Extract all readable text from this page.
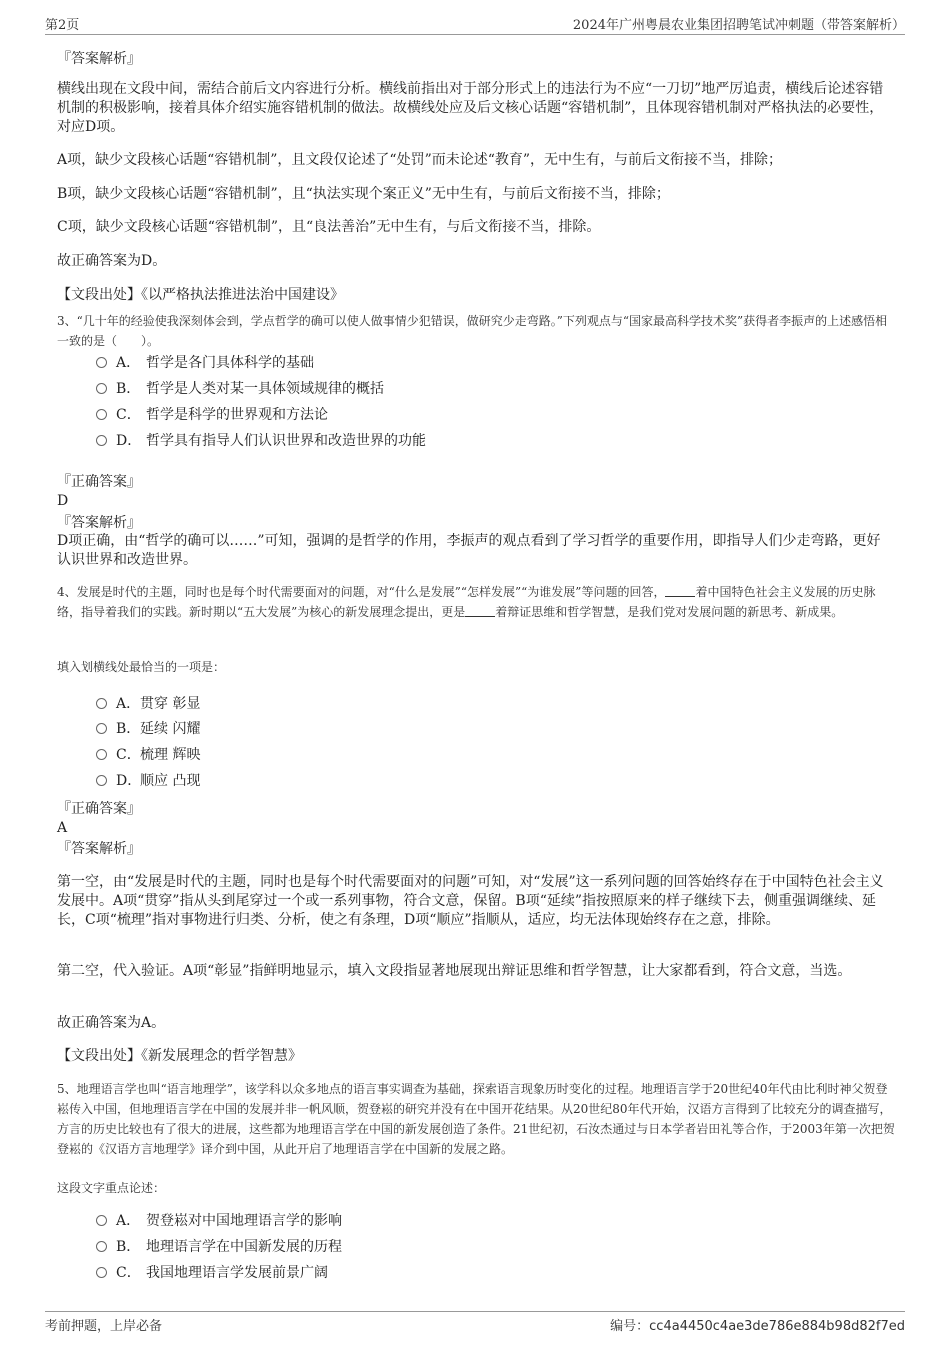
第2页	2024年广州粤晨农业集团招聘笔试冲刺题（带答案解析）
『答案解析』
横线出现在文段中间，需结合前后文内容进行分析。横线前指出对于部分形式上的违法行为不应“一刀切”地严厉追责，横线后论述容错机制的积极影响，接着具体介绍实施容错机制的做法。故横线处应及后文核心话题“容错机制”，且体现容错机制对严格执法的必要性，对应D项。
A项，缺少文段核心话题“容错机制”，且文段仅论述了“处罚”而未论述“教育”，无中生有，与前后文衔接不当，排除；
B项，缺少文段核心话题“容错机制”，且“执法实现个案正义”无中生有，与前后文衔接不当，排除；
C项，缺少文段核心话题“容错机制”，且“良法善治”无中生有，与后文衔接不当，排除。
故正确答案为D。
【文段出处】《以严格执法推进法治中国建设》
3、“几十年的经验使我深刻体会到，学点哲学的确可以使人做事情少犯错误，做研究少走弯路。”下列观点与“国家最高科学技术奖”获得者李振声的上述感悟相一致的是（　　）。
A． 哲学是各门具体科学的基础
B． 哲学是人类对某一具体领域规律的概括
C． 哲学是科学的世界观和方法论
D． 哲学具有指导人们认识世界和改造世界的功能
『正确答案』
D
『答案解析』
D项正确，由“哲学的确可以……”可知，强调的是哲学的作用，李振声的观点看到了学习哲学的重要作用，即指导人们少走弯路，更好认识世界和改造世界。
4、发展是时代的主题，同时也是每个时代需要面对的问题，对“什么是发展”“怎样发展”“为谁发展”等问题的回答，	着中国特色社会主义发展的历史脉络，指导着我们的实践。新时期以“五大发展”为核心的新发展理念提出，更是	着辩证思维和哲学智慧，是我们党对发展问题的新思考、新成果。
填入划横线处最恰当的一项是：
A．贯穿 彰显
B．延续 闪耀
C．梳理 辉映
D．顺应 凸现
『正确答案』
A
『答案解析』
第一空，由“发展是时代的主题，同时也是每个时代需要面对的问题”可知，对“发展”这一系列问题的回答始终存在于中国特色社会主义发展中。A项“贯穿”指从头到尾穿过一个或一系列事物，符合文意，保留。B项“延续”指按照原来的样子继续下去，侧重强调继续、延长，C项“梳理”指对事物进行归类、分析，使之有条理，D项“顺应”指顺从，适应，均无法体现始终存在之意，排除。
第二空，代入验证。A项“彰显”指鲜明地显示，填入文段指显著地展现出辩证思维和哲学智慧，让大家都看到，符合文意，当选。
故正确答案为A。
【文段出处】《新发展理念的哲学智慧》
5、地理语言学也叫“语言地理学”，该学科以众多地点的语言事实调查为基础，探索语言现象历时变化的过程。地理语言学于20世纪40年代由比利时神父贺登崧传入中国，但地理语言学在中国的发展并非一帆风顺，贺登崧的研究并没有在中国开花结果。从20世纪80年代开始，汉语方言得到了比较充分的调查描写，方言的历史比较也有了很大的进展，这些都为地理语言学在中国的新发展创造了条件。21世纪初，石汝杰通过与日本学者岩田礼等合作，于2003年第一次把贺登崧的《汉语方言地理学》译介到中国，从此开启了地理语言学在中国新的发展之路。
这段文字重点论述：
A． 贺登崧对中国地理语言学的影响
B． 地理语言学在中国新发展的历程
C． 我国地理语言学发展前景广阔
考前押题，上岸必备	编号：cc4a4450c4ae3de786e884b98d82f7ed
